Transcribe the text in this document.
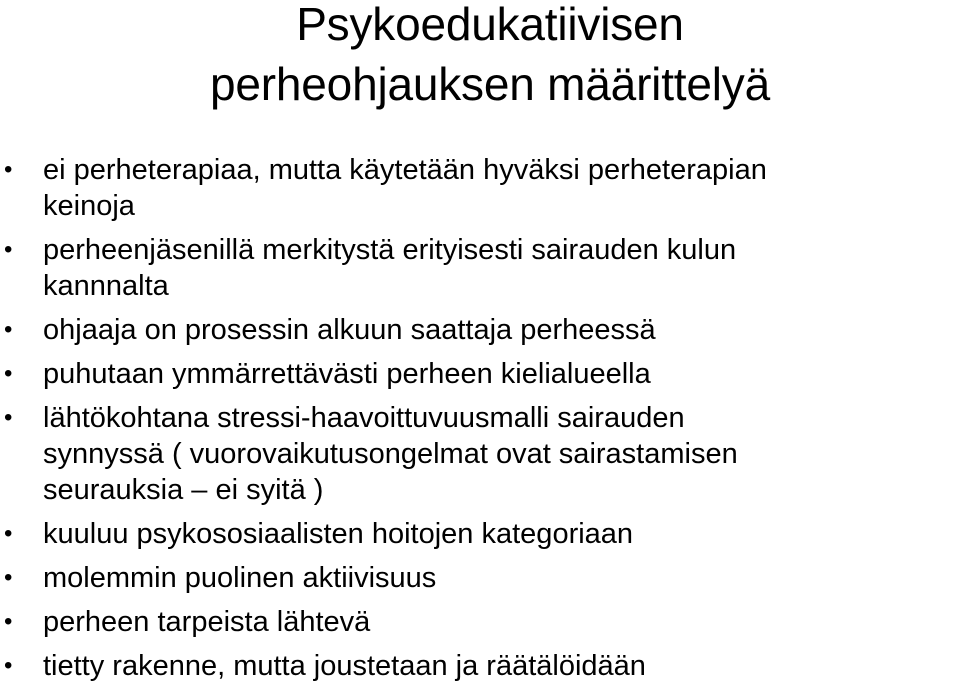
Psykoedukatiivisen
perheohjauksen määrittelyä
• ei perheterapiaa, mutta käytetään hyväksi perheterapian
keinoja
• perheenjäsenillä merkitystä erityisesti sairauden kulun
kannnalta
• ohjaaja on prosessin alkuun saattaja perheessä
• puhutaan ymmärrettävästi perheen kielialueella
• lähtökohtana stressi-haavoittuvuusmalli sairauden
synnyssä ( vuorovaikutusongelmat ovat sairastamisen
seurauksia – ei syitä )
• kuuluu psykososiaalisten hoitojen kategoriaan
• molemmin puolinen aktiivisuus
• perheen tarpeista lähtevä
• tietty rakenne, mutta joustetaan ja räätälöidään
